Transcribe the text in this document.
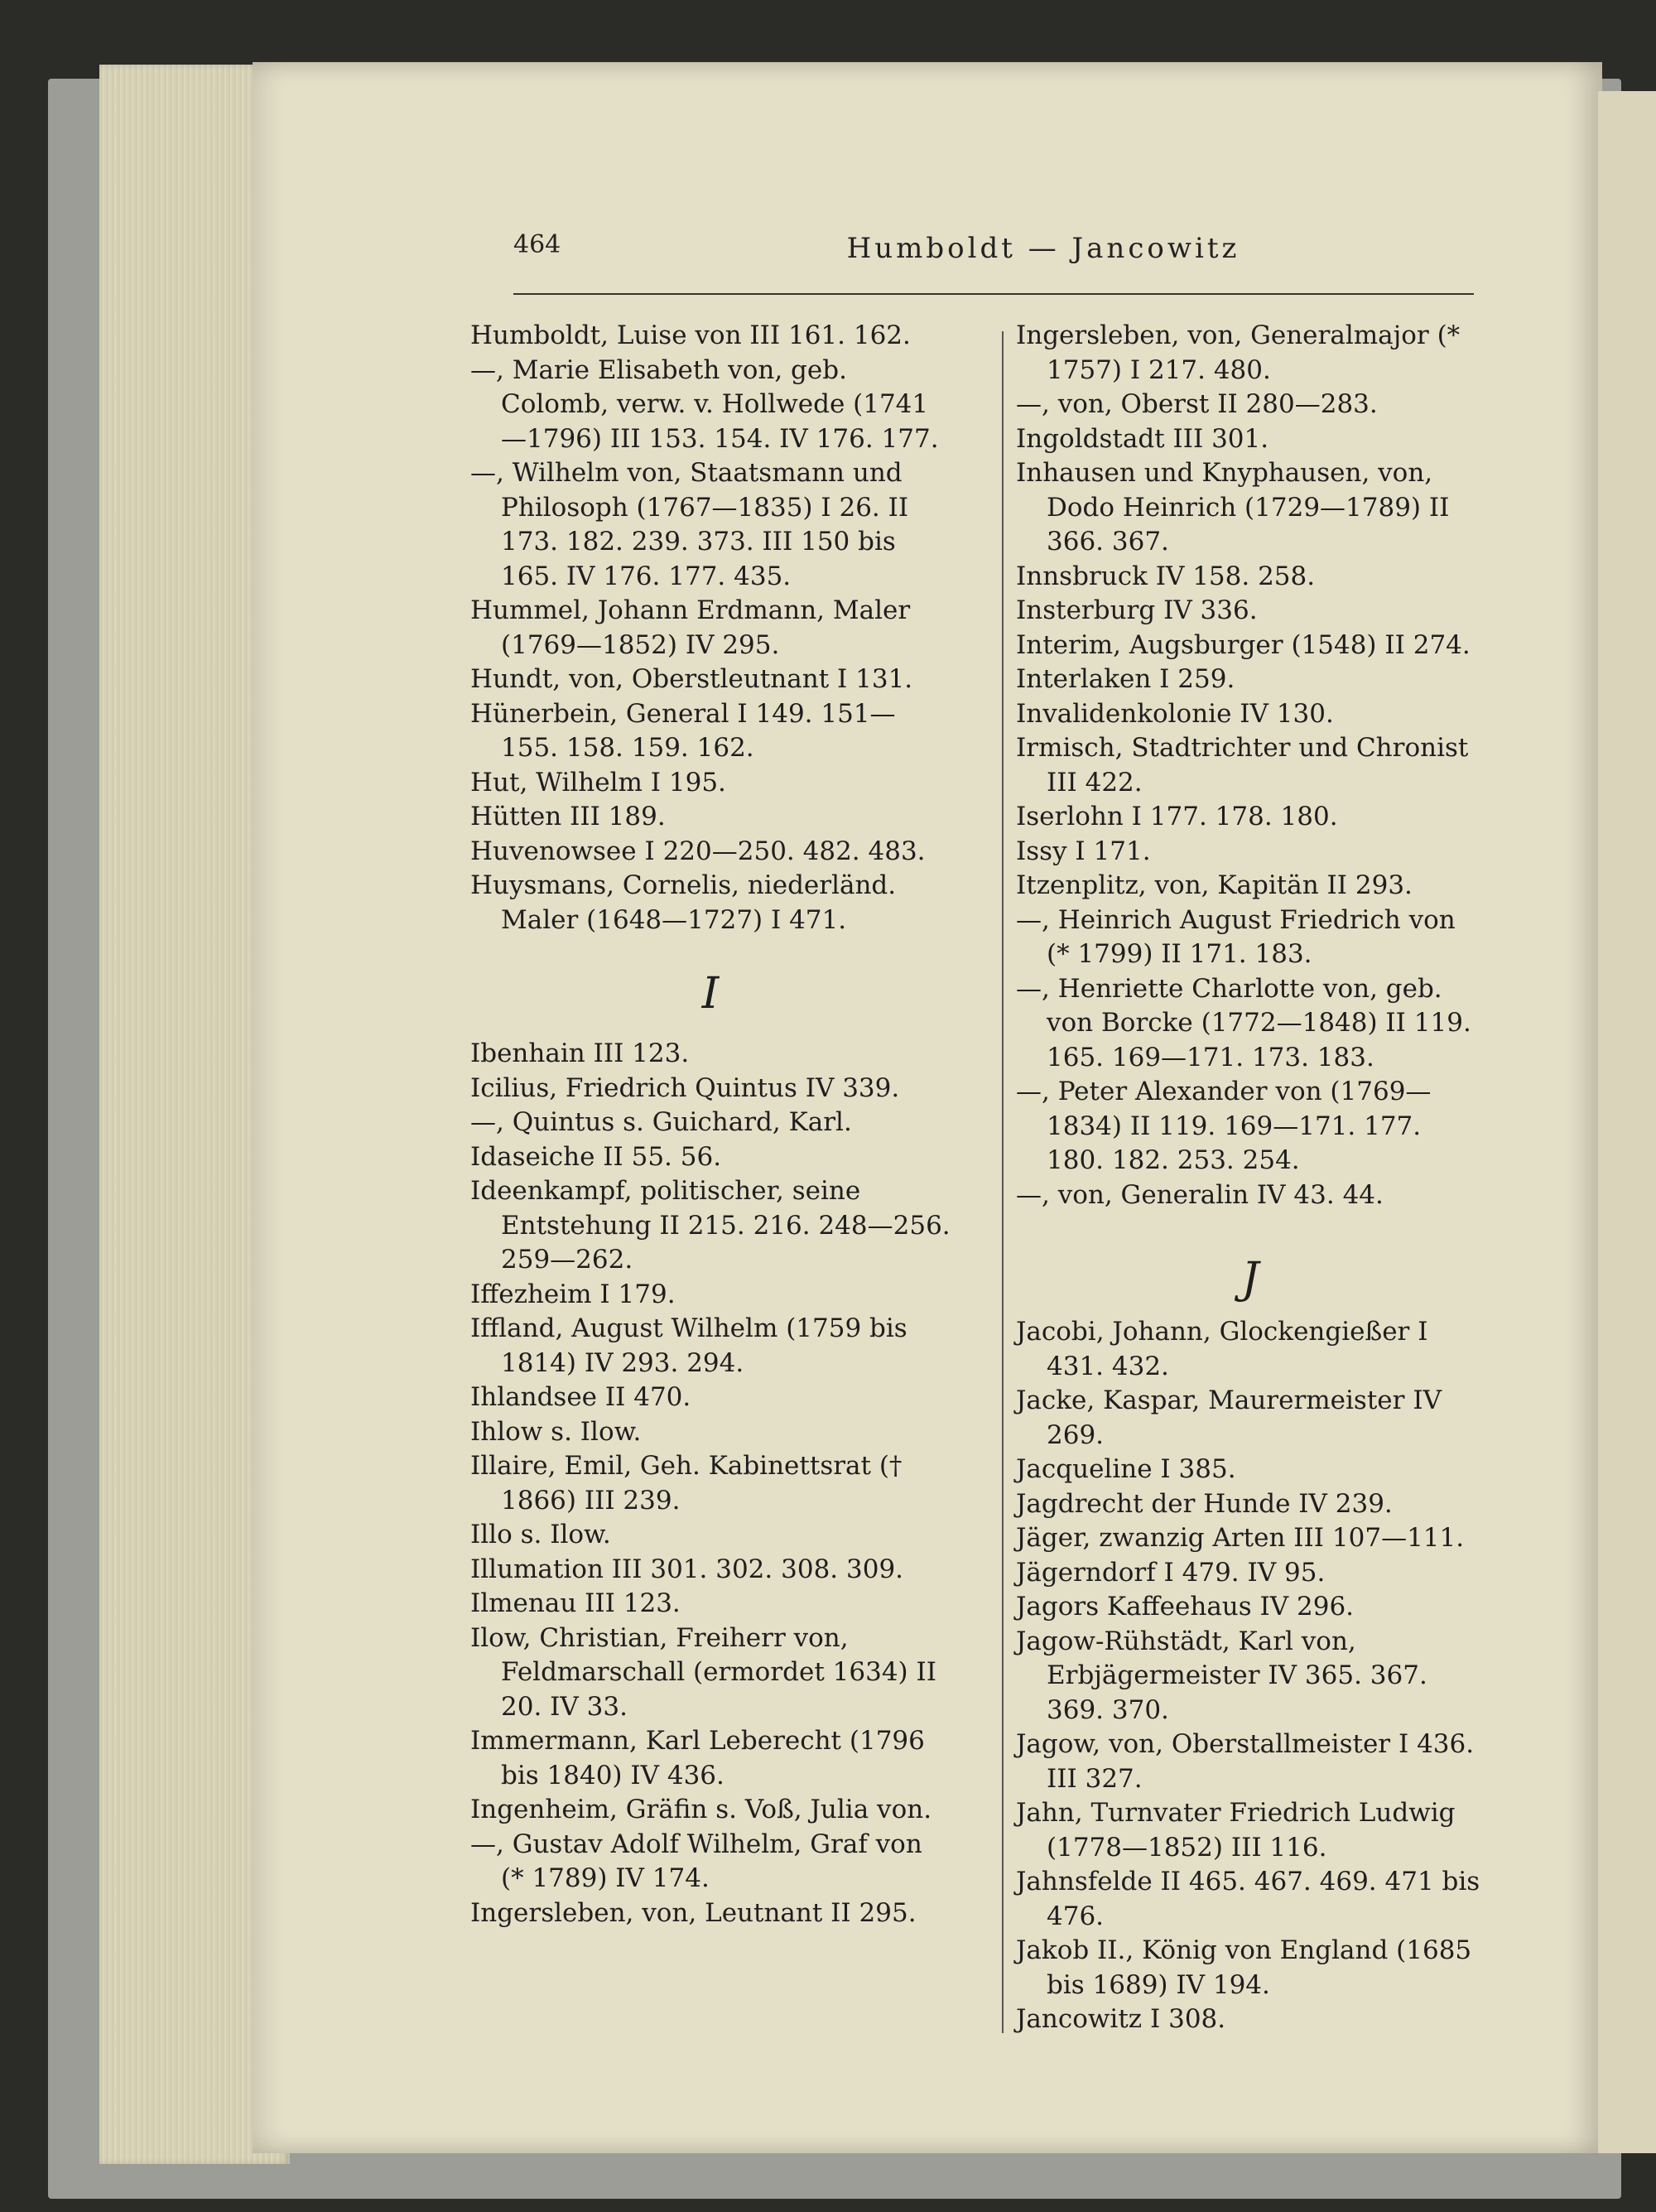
464	Humboldt — Jancowitz

Humboldt, Luise von III 161. 162.

—, Marie Elisabeth von, geb. Colomb, verw. v. Hollwede (1741—1796) III 153. 154. IV 176. 177.

—, Wilhelm von, Staatsmann und Philosoph (1767—1835) I 26. II 173. 182. 239. 373. III 150 bis 165. IV 176. 177. 435.

Hummel, Johann Erdmann, Maler (1769—1852) IV 295.

Hundt, von, Oberstleutnant I 131.

Hünerbein, General I 149. 151—155. 158. 159. 162.

Hut, Wilhelm I 195.

Hütten III 189.

Huvenowsee I 220—250. 482. 483.

Huysmans, Cornelis, niederländ. Maler (1648—1727) I 471.

I

Ibenhain III 123.

Icilius, Friedrich Quintus IV 339.

—, Quintus s. Guichard, Karl.

Idaseiche II 55. 56.

Ideenkampf, politischer, seine Entstehung II 215. 216. 248—256. 259—262.

Iffezheim I 179.

Iffland, August Wilhelm (1759 bis 1814) IV 293. 294.

Ihlandsee II 470.

Ihlow s. Ilow.

Illaire, Emil, Geh. Kabinettsrat († 1866) III 239.

Illo s. Ilow.

Illumation III 301. 302. 308. 309.

Ilmenau III 123.

Ilow, Christian, Freiherr von, Feldmarschall (ermordet 1634) II 20. IV 33.

Immermann, Karl Leberecht (1796 bis 1840) IV 436.

Ingenheim, Gräfin s. Voß, Julia von.

—, Gustav Adolf Wilhelm, Graf von (* 1789) IV 174.

Ingersleben, von, Leutnant II 295.

Ingersleben, von, Generalmajor (* 1757) I 217. 480.

—, von, Oberst II 280—283.

Ingoldstadt III 301.

Inhausen und Knyphausen, von, Dodo Heinrich (1729—1789) II 366. 367.

Innsbruck IV 158. 258.

Insterburg IV 336.

Interim, Augsburger (1548) II 274.

Interlaken I 259.

Invalidenkolonie IV 130.

Irmisch, Stadtrichter und Chronist III 422.

Iserlohn I 177. 178. 180.

Issy I 171.

Itzenplitz, von, Kapitän II 293.

—, Heinrich August Friedrich von (* 1799) II 171. 183.

—, Henriette Charlotte von, geb. von Borcke (1772—1848) II 119. 165. 169—171. 173. 183.

—, Peter Alexander von (1769—1834) II 119. 169—171. 177. 180. 182. 253. 254.

—, von, Generalin IV 43. 44.

J

Jacobi, Johann, Glockengießer I 431. 432.

Jacke, Kaspar, Maurermeister IV 269.

Jacqueline I 385.

Jagdrecht der Hunde IV 239.

Jäger, zwanzig Arten III 107—111.

Jägerndorf I 479. IV 95.

Jagors Kaffeehaus IV 296.

Jagow-Rühstädt, Karl von, Erbjägermeister IV 365. 367. 369. 370.

Jagow, von, Oberstallmeister I 436. III 327.

Jahn, Turnvater Friedrich Ludwig (1778—1852) III 116.

Jahnsfelde II 465. 467. 469. 471 bis 476.

Jakob II., König von England (1685 bis 1689) IV 194.

Jancowitz I 308.
